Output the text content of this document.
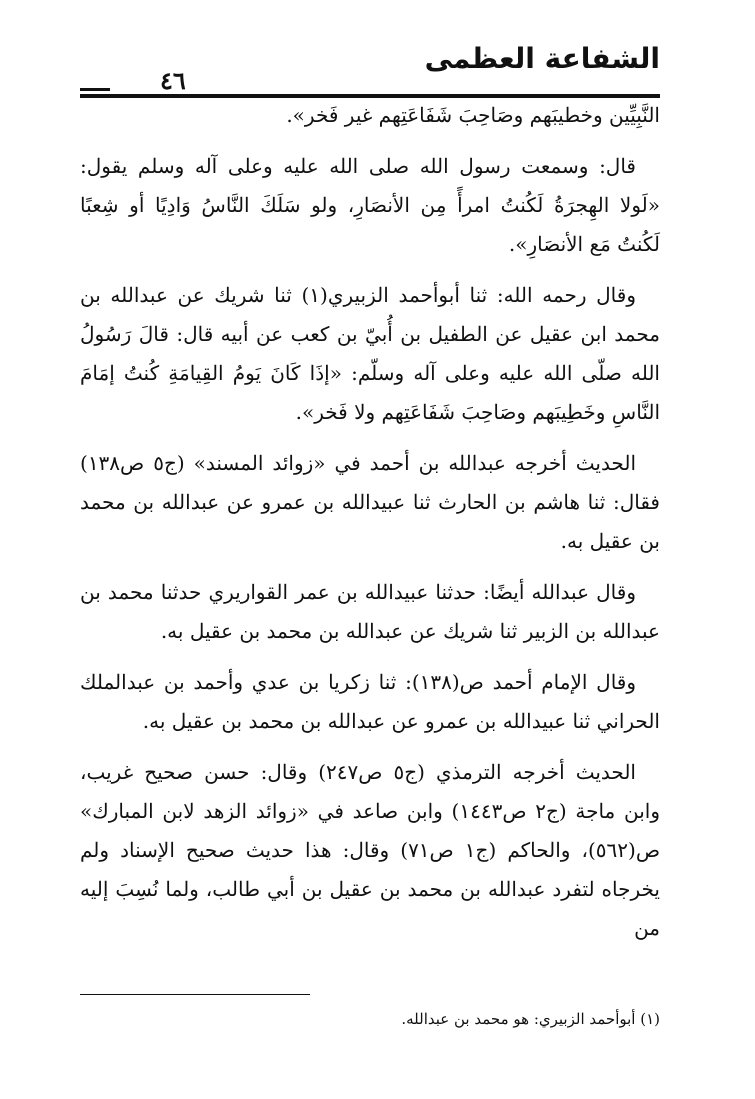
الشفاعة العظمى
٤٦

النَّبِيِّين وخطيبَهم وصَاحِبَ شَفَاعَتِهم غير فَخر».

قال: وسمعت رسول الله صلى الله عليه وعلى آله وسلم يقول: «لَولا الهِجرَةُ لَكُنتُ امرأً مِن الأنصَارِ، ولو سَلَكَ النَّاسُ وَادِيًا أو شِعبًا لَكُنتُ مَع الأنصَارِ».

وقال رحمه الله: ثنا أبوأحمد الزبيري(١) ثنا شريك عن عبدالله بن محمد ابن عقيل عن الطفيل بن أُبيّ بن كعب عن أبيه قال: قالَ رَسُولُ الله صلّى الله عليه وعلى آله وسلّم: «إذَا كَانَ يَومُ القِيامَةِ كُنتُ إمَامَ النَّاسِ وخَطِيبَهم وصَاحِبَ شَفَاعَتِهم ولا فَخر».

الحديث أخرجه عبدالله بن أحمد في «زوائد المسند» (ج٥ ص١٣٨) فقال: ثنا هاشم بن الحارث ثنا عبيدالله بن عمرو عن عبدالله بن محمد بن عقيل به.

وقال عبدالله أيضًا: حدثنا عبيدالله بن عمر القواريري حدثنا محمد بن عبدالله بن الزبير ثنا شريك عن عبدالله بن محمد بن عقيل به.

وقال الإمام أحمد ص(١٣٨): ثنا زكريا بن عدي وأحمد بن عبدالملك الحراني ثنا عبيدالله بن عمرو عن عبدالله بن محمد بن عقيل به.

الحديث أخرجه الترمذي (ج٥ ص٢٤٧) وقال: حسن صحيح غريب، وابن ماجة (ج٢ ص١٤٤٣) وابن صاعد في «زوائد الزهد لابن المبارك» ص(٥٦٢)، والحاكم (ج١ ص٧١) وقال: هذا حديث صحيح الإسناد ولم يخرجاه لتفرد عبدالله بن محمد بن عقيل بن أبي طالب، ولما نُسِبَ إليه من

(١) أبوأحمد الزبيري: هو محمد بن عبدالله.
